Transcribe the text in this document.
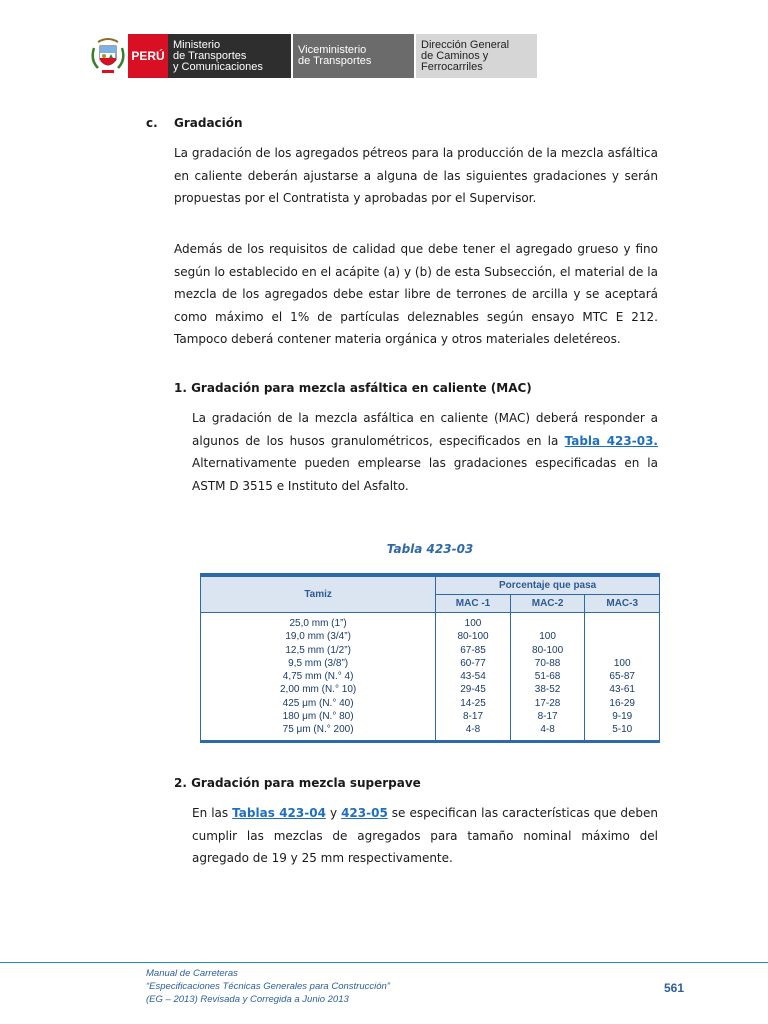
PERÚ
Ministerio
de Transportes
y Comunicaciones
Viceministerio
de Transportes
Dirección General
de Caminos y
Ferrocarriles
c. Gradación

La gradación de los agregados pétreos para la producción de la mezcla asfáltica en caliente deberán ajustarse a alguna de las siguientes gradaciones y serán propuestas por el Contratista y aprobadas por el Supervisor.

Además de los requisitos de calidad que debe tener el agregado grueso y fino según lo establecido en el acápite (a) y (b) de esta Subsección, el material de la mezcla de los agregados debe estar libre de terrones de arcilla y se aceptará como máximo el 1% de partículas deleznables según ensayo MTC E 212. Tampoco deberá contener materia orgánica y otros materiales deletéreos.

1. Gradación para mezcla asfáltica en caliente (MAC)

La gradación de la mezcla asfáltica en caliente (MAC) deberá responder a algunos de los husos granulométricos, especificados en la Tabla 423-03. Alternativamente pueden emplearse las gradaciones especificadas en la ASTM D 3515 e Instituto del Asfalto.

Tabla 423-03
Tamiz	Porcentaje que pasa		
	MAC -1	MAC-2	MAC-3
25,0 mm (1”)	100		
19,0 mm (3/4”)	80-100	100	
12,5 mm (1/2”)	67-85	80-100	
9,5 mm (3/8”)	60-77	70-88	100
4,75 mm (N.° 4)	43-54	51-68	65-87
2,00 mm (N.° 10)	29-45	38-52	43-61
425 μm (N.° 40)	14-25	17-28	16-29
180 μm (N.° 80)	8-17	8-17	9-19
75 μm (N.° 200)	4-8	4-8	5-10
2. Gradación para mezcla superpave

En las Tablas 423-04 y 423-05 se especifican las características que deben cumplir las mezclas de agregados para tamaño nominal máximo del agregado de 19 y 25 mm respectivamente.

Manual de Carreteras
“Especificaciones Técnicas Generales para Construcción”
(EG – 2013) Revisada y Corregida a Junio 2013
561
